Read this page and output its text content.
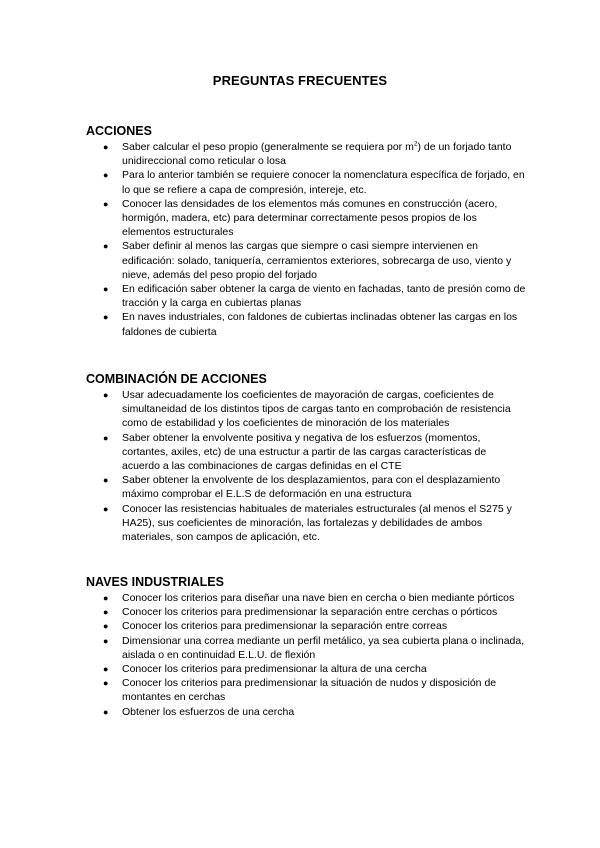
PREGUNTAS FRECUENTES
ACCIONES
● Saber calcular el peso propio (generalmente se requiera por $m^2$) de un forjado tanto unidireccional como reticular o losa
● Para lo anterior también se requiere conocer la nomenclatura específica de forjado, en lo que se refiere a capa de compresión, intereje, etc.
● Conocer las densidades de los elementos más comunes en construcción (acero, hormigón, madera, etc) para determinar correctamente pesos propios de los elementos estructurales
● Saber definir al menos las cargas que siempre o casi siempre intervienen en edificación: solado, taniquería, cerramientos exteriores, sobrecarga de uso, viento y nieve, además del peso propio del forjado
● En edificación saber obtener la carga de viento en fachadas, tanto de presión como de tracción y la carga en cubiertas planas
● En naves industriales, con faldones de cubiertas inclinadas obtener las cargas en los faldones de cubierta
COMBINACIÓN DE ACCIONES
● Usar adecuadamente los coeficientes de mayoración de cargas, coeficientes de simultaneidad de los distintos tipos de cargas tanto en comprobación de resistencia como de estabilidad y los coeficientes de minoración de los materiales
● Saber obtener la envolvente positiva y negativa de los esfuerzos (momentos, cortantes, axiles, etc) de una estructur a partir de las cargas características de acuerdo a las combinaciones de cargas definidas en el CTE
● Saber obtener la envolvente de los desplazamientos, para con el desplazamiento máximo comprobar el E.L.S de deformación en una estructura
● Conocer las resistencias habituales de materiales estructurales (al menos el S275 y HA25), sus coeficientes de minoración, las fortalezas y debilidades de ambos materiales, son campos de aplicación, etc.
NAVES INDUSTRIALES
● Conocer los criterios para diseñar una nave bien en cercha o bien mediante pórticos
● Conocer los criterios para predimensionar la separación entre cerchas o pórticos
● Conocer los criterios para predimensionar la separación entre correas
● Dimensionar una correa mediante un perfil metálico, ya sea cubierta plana o inclinada, aislada o en continuidad E.L.U. de flexión
● Conocer los criterios para predimensionar la altura de una cercha
● Conocer los criterios para predimensionar la situación de nudos y disposición de montantes en cerchas
● Obtener los esfuerzos de una cercha
